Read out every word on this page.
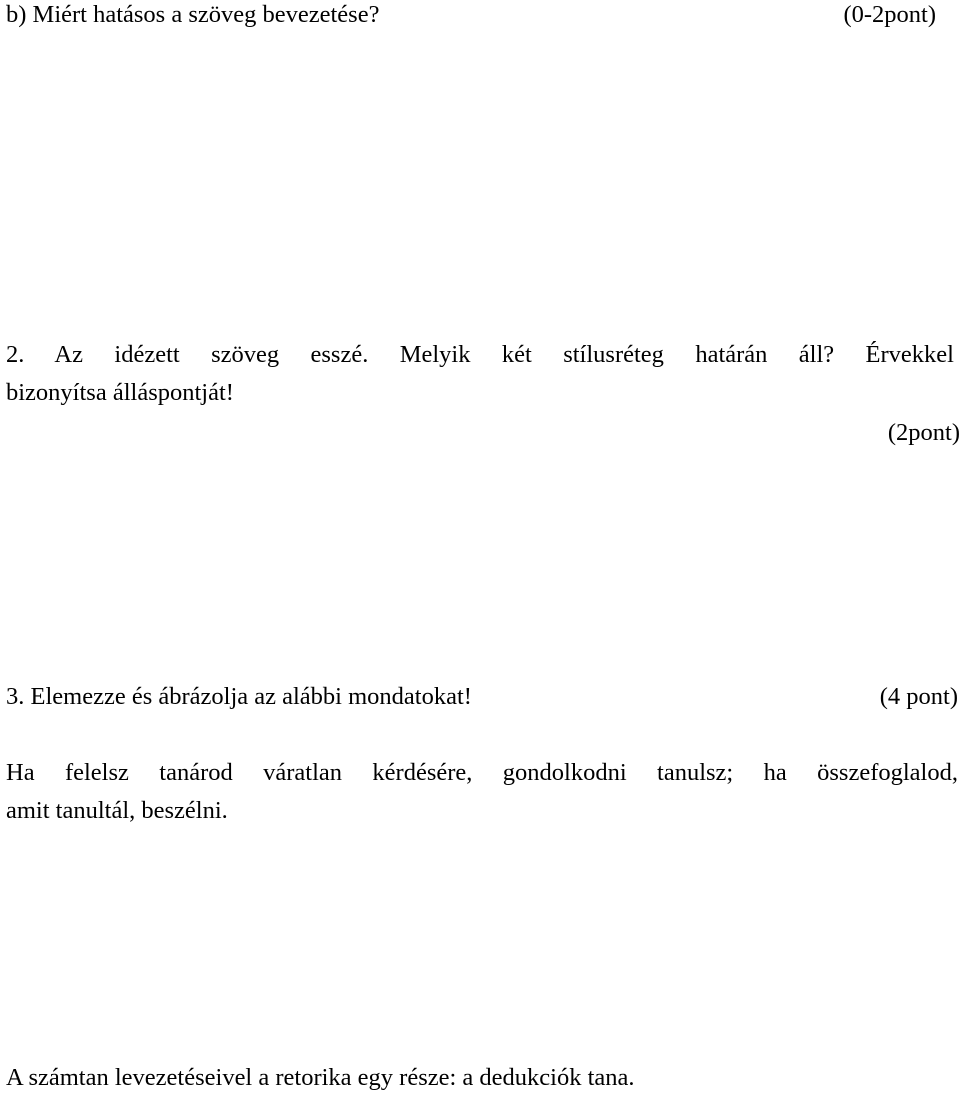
b) Miért hatásos a szöveg bevezetése?	(0-2pont)
2. Az idézett szöveg esszé. Melyik két stílusréteg határán áll? Érvekkel
bizonyítsa álláspontját!
(2pont)
3. Elemezze és ábrázolja az alábbi mondatokat!	(4 pont)
Ha felelsz tanárod váratlan kérdésére, gondolkodni tanulsz; ha összefoglalod,
amit tanultál, beszélni.
A számtan levezetéseivel a retorika egy része: a dedukciók tana.
